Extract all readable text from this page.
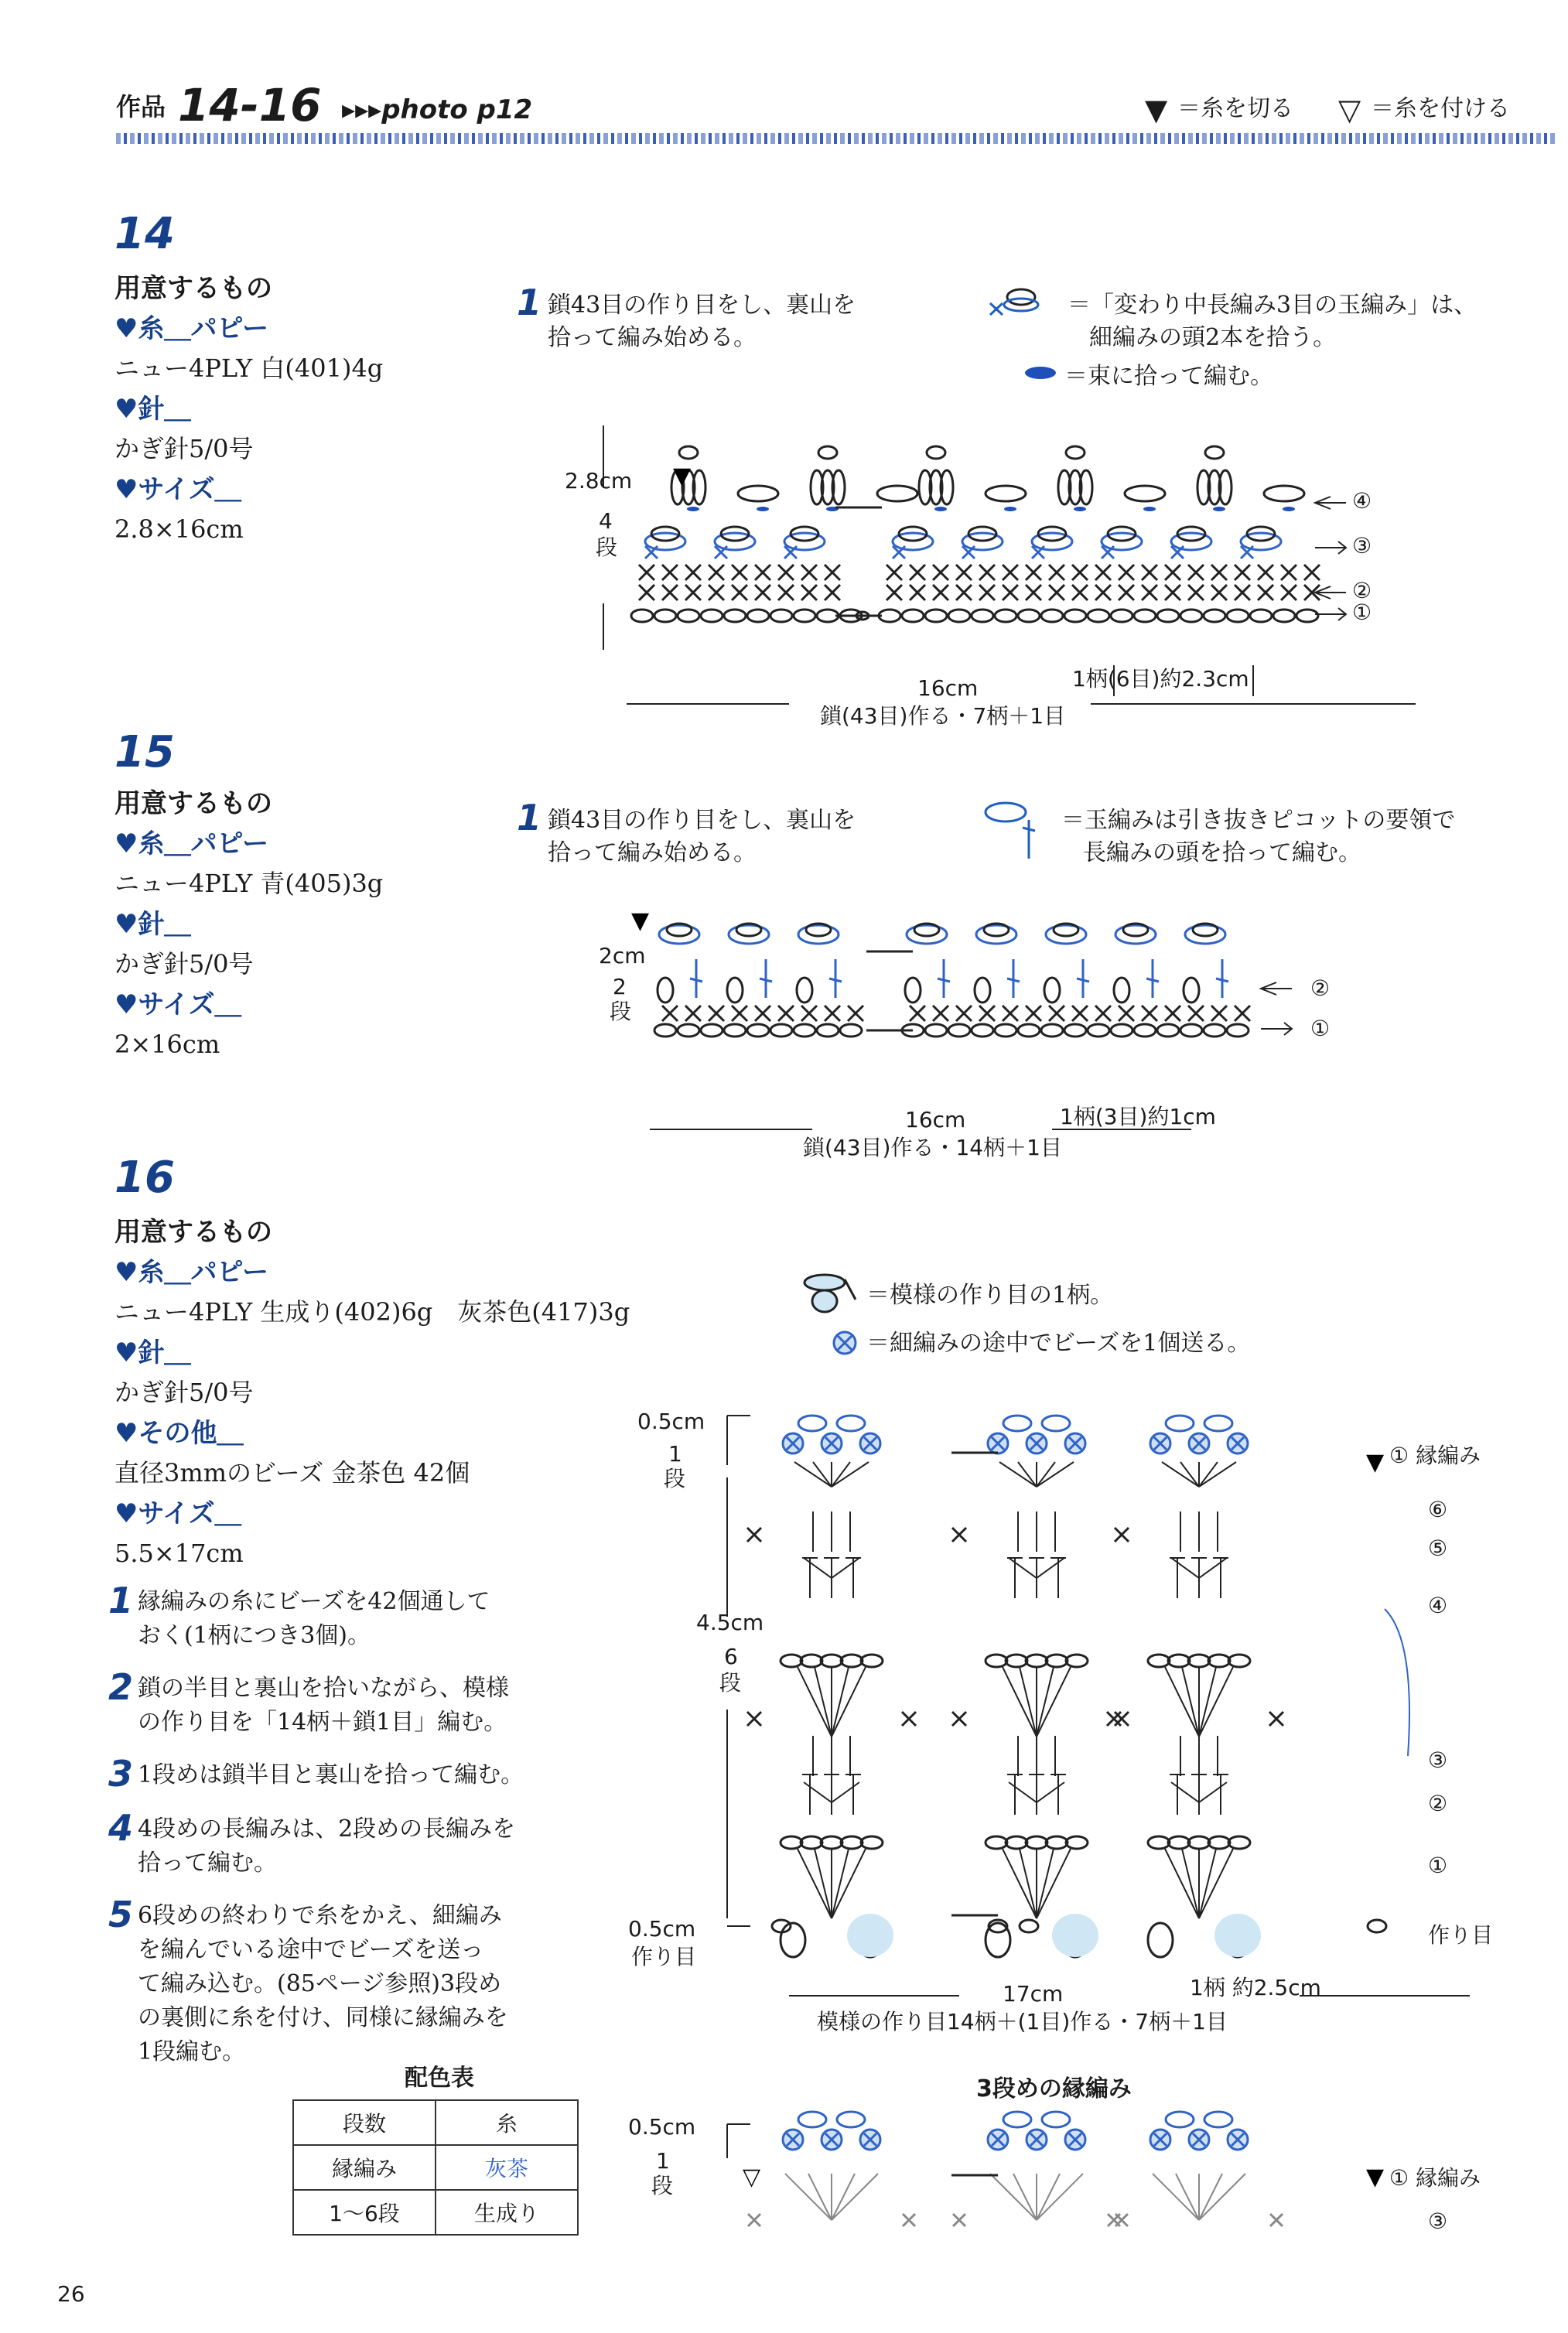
作品 14-16 ▸▸▸photo p12	▼ ＝糸を切る ▽ ＝糸を付ける
14
用意するもの
♥糸＿パピー
ニュー4PLY 白(401)4g
♥針＿
かぎ針5/0号
♥サイズ＿
2.8×16cm
1 鎖43目の作り目をし、裏山を
拾って編み始める。
＝「変わり中長編み3目の玉編み」は、
細編みの頭2本を拾う。
＝束に拾って編む。
▼
2.8cm
4
段
④
③
②
①
1柄(6目)約2.3cm
16cm
鎖(43目)作る・7柄＋1目
15
用意するもの
♥糸＿パピー
ニュー4PLY 青(405)3g
♥針＿
かぎ針5/0号
♥サイズ＿
2×16cm
1 鎖43目の作り目をし、裏山を
拾って編み始める。
＝玉編みは引き抜きピコットの要領で
長編みの頭を拾って編む。
▼
2cm
2
段
②
①
1柄(3目)約1cm
16cm
鎖(43目)作る・14柄＋1目
16
用意するもの
♥糸＿パピー
ニュー4PLY 生成り(402)6g　灰茶色(417)3g
♥針＿
かぎ針5/0号
♥その他＿
直径3mmのビーズ 金茶色 42個
♥サイズ＿
5.5×17cm
1 縁編みの糸にビーズを42個通して
おく(1柄につき3個)。
2 鎖の半目と裏山を拾いながら、模様
の作り目を「14柄＋鎖1目」編む。
3 1段めは鎖半目と裏山を拾って編む。
4 4段めの長編みは、2段めの長編みを
拾って編む。
5 6段めの終わりで糸をかえ、細編み
を編んでいる途中でビーズを送っ
て編み込む。(85ページ参照)3段め
の裏側に糸を付け、同様に縁編みを
1段編む。
配色表
段数	糸
縁編み	灰茶
1〜6段	生成り
＝模様の作り目の1柄。
＝細編みの途中でビーズを1個送る。
▼
0.5cm
1
段
4.5cm
6
段
0.5cm
作り目
① 縁編み
⑥
⑤
④
③
②
①
作り目
1柄 約2.5cm
17cm
模様の作り目14柄＋(1目)作る・7柄＋1目
3段めの縁編み
▽	▼
0.5cm
1
段	① 縁編み
③
26
